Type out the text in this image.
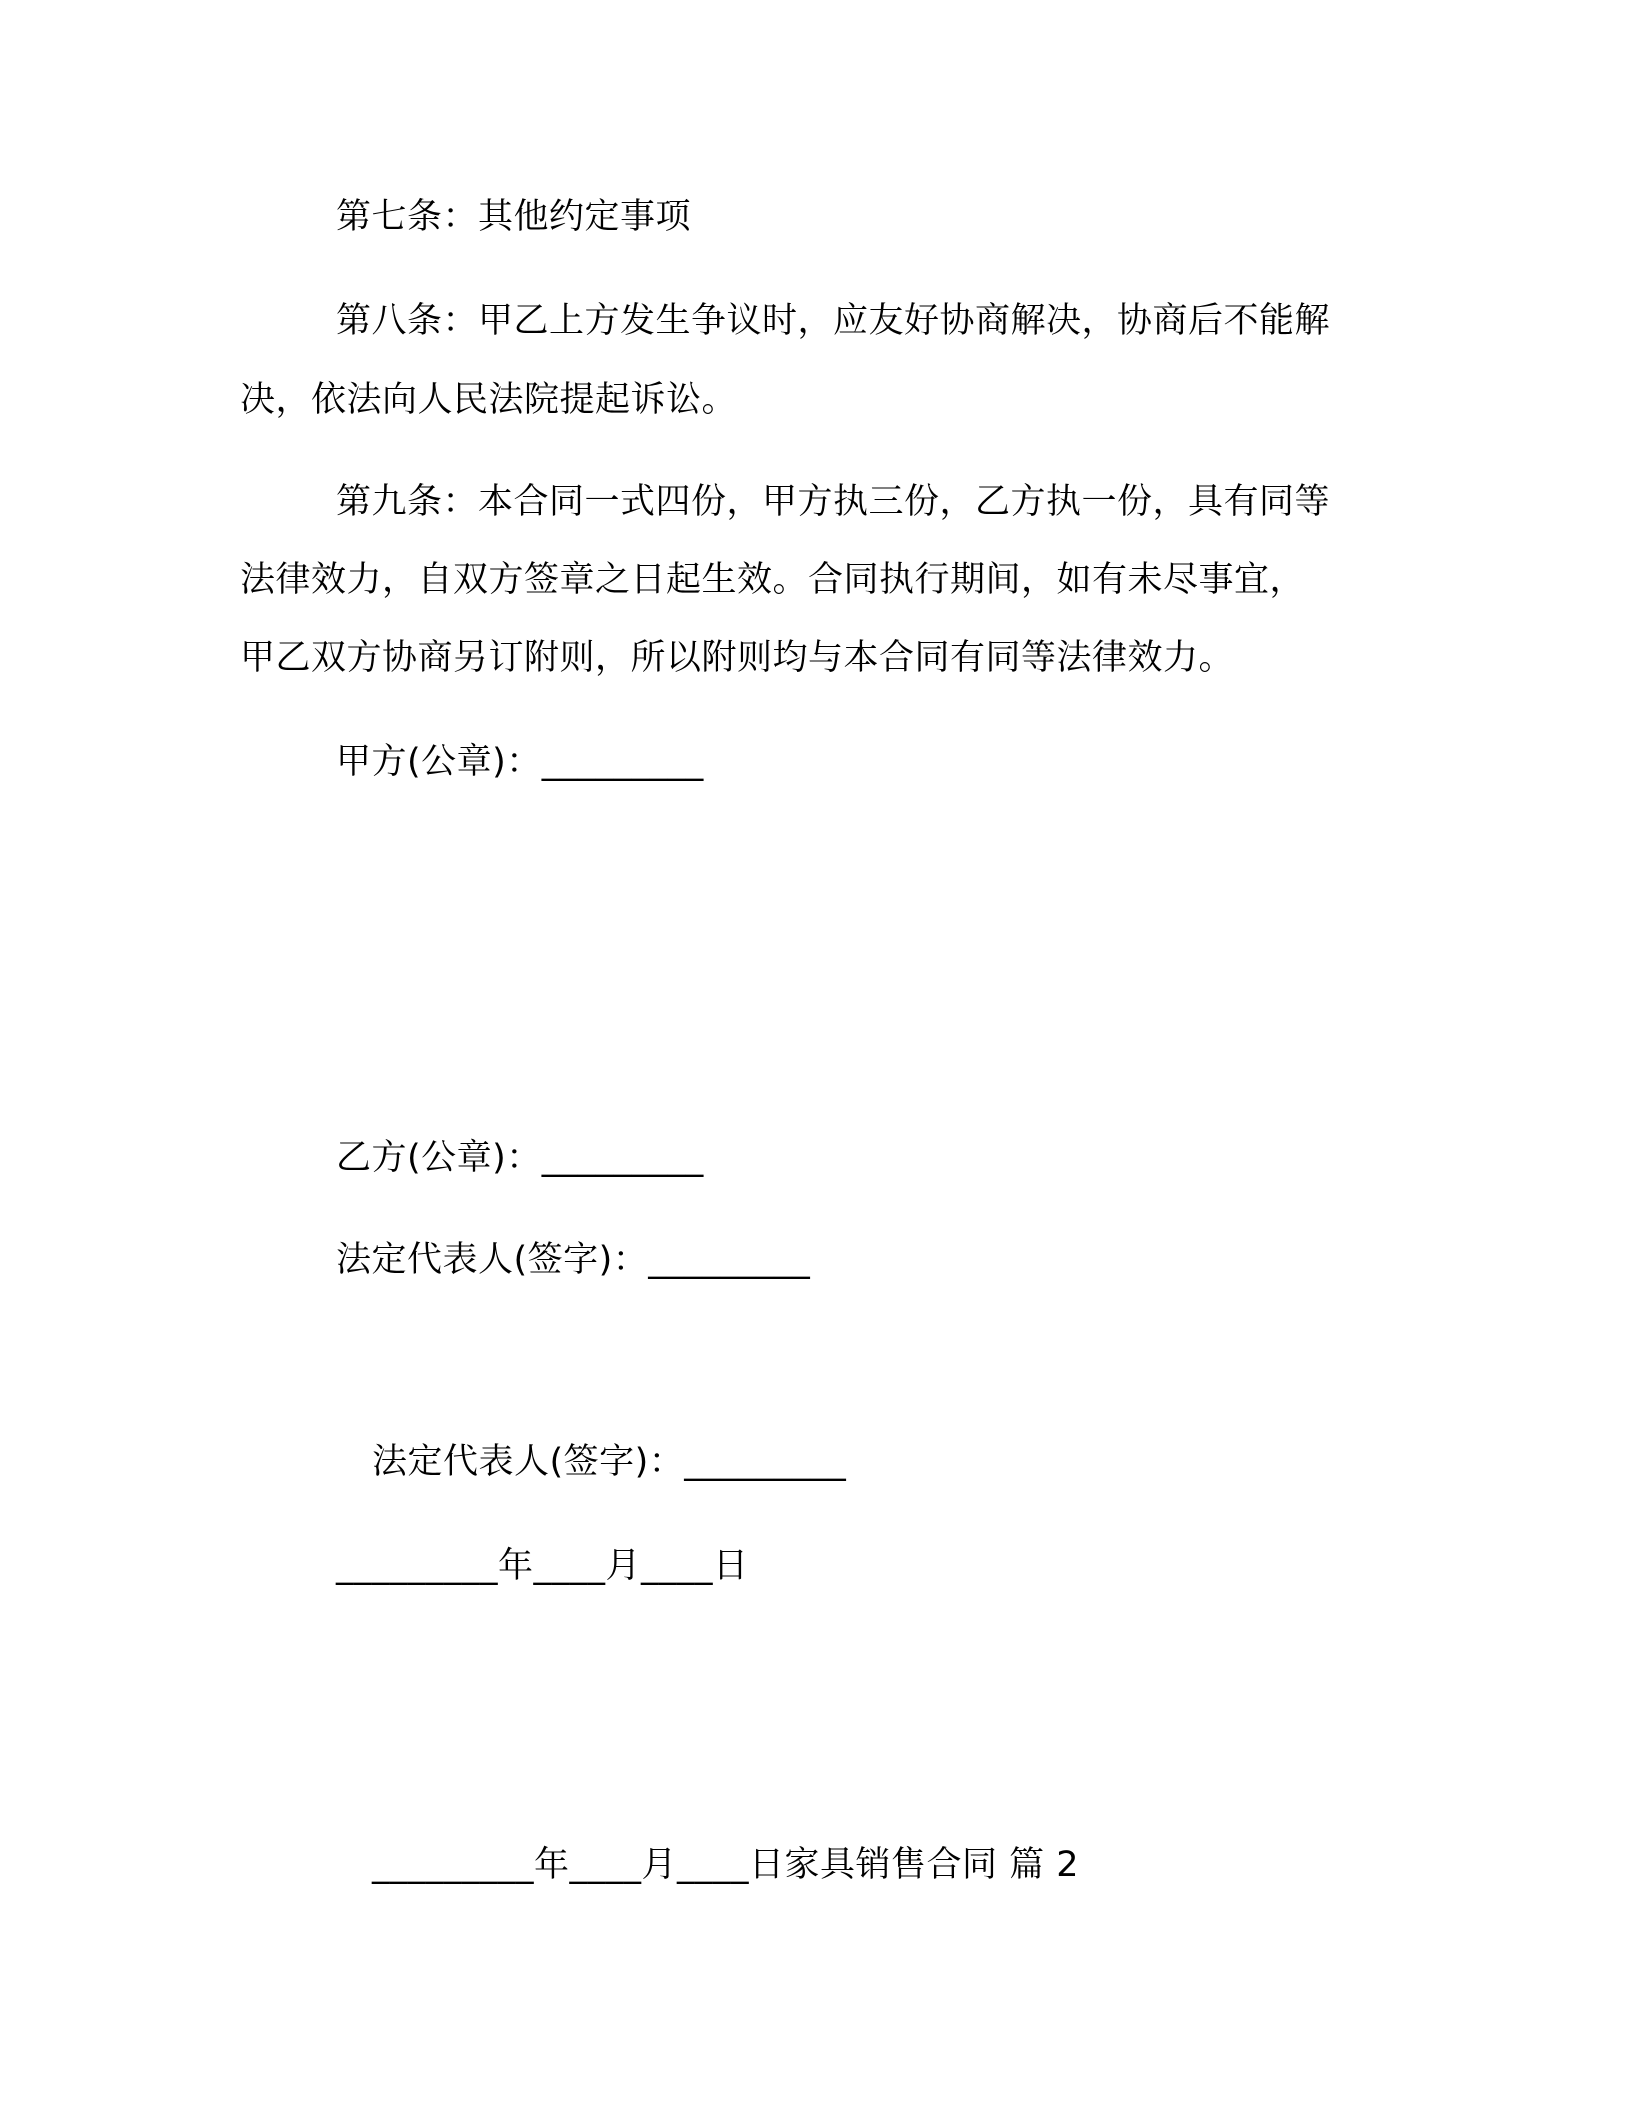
第七条：其他约定事项
第八条：甲乙上方发生争议时，应友好协商解决，协商后不能解
决，依法向人民法院提起诉讼。
第九条：本合同一式四份，甲方执三份，乙方执一份，具有同等
法律效力，自双方签章之日起生效。合同执行期间，如有未尽事宜，
甲乙双方协商另订附则，所以附则均与本合同有同等法律效力。
甲方(公章)：_________
乙方(公章)：_________
法定代表人(签字)：_________
法定代表人(签字)：_________
_________年____月____日
_________年____月____日家具销售合同 篇 2
